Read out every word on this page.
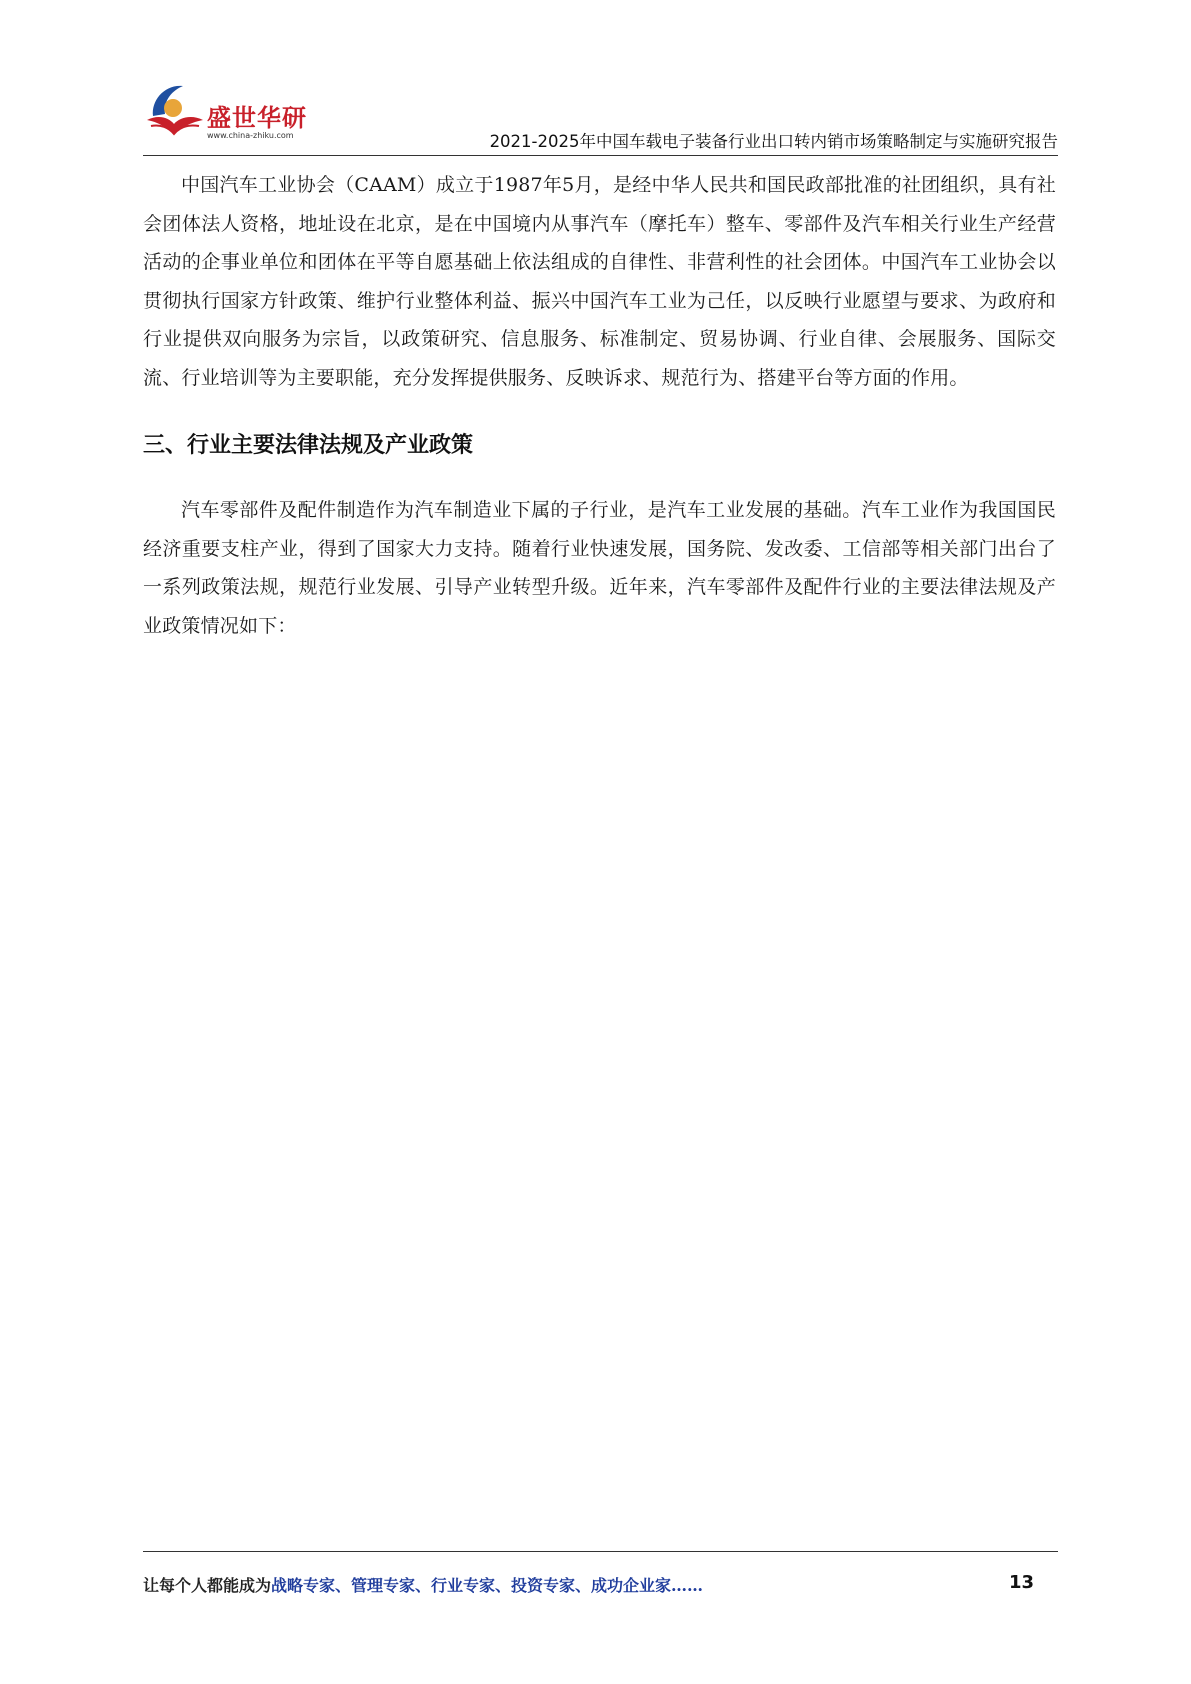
盛世华研
www.china-zhiku.com	2021-2025年中国车载电子装备行业出口转内销市场策略制定与实施研究报告

中国汽车工业协会（CAAM）成立于1987年5月，是经中华人民共和国民政部批准的社团组织，具有社会团体法人资格，地址设在北京，是在中国境内从事汽车（摩托车）整车、零部件及汽车相关行业生产经营活动的企事业单位和团体在平等自愿基础上依法组成的自律性、非营利性的社会团体。中国汽车工业协会以贯彻执行国家方针政策、维护行业整体利益、振兴中国汽车工业为己任，以反映行业愿望与要求、为政府和行业提供双向服务为宗旨，以政策研究、信息服务、标准制定、贸易协调、行业自律、会展服务、国际交流、行业培训等为主要职能，充分发挥提供服务、反映诉求、规范行为、搭建平台等方面的作用。

三、行业主要法律法规及产业政策

汽车零部件及配件制造作为汽车制造业下属的子行业，是汽车工业发展的基础。汽车工业作为我国国民经济重要支柱产业，得到了国家大力支持。随着行业快速发展，国务院、发改委、工信部等相关部门出台了一系列政策法规，规范行业发展、引导产业转型升级。近年来，汽车零部件及配件行业的主要法律法规及产业政策情况如下：

让每个人都能成为战略专家、管理专家、行业专家、投资专家、成功企业家……	13
